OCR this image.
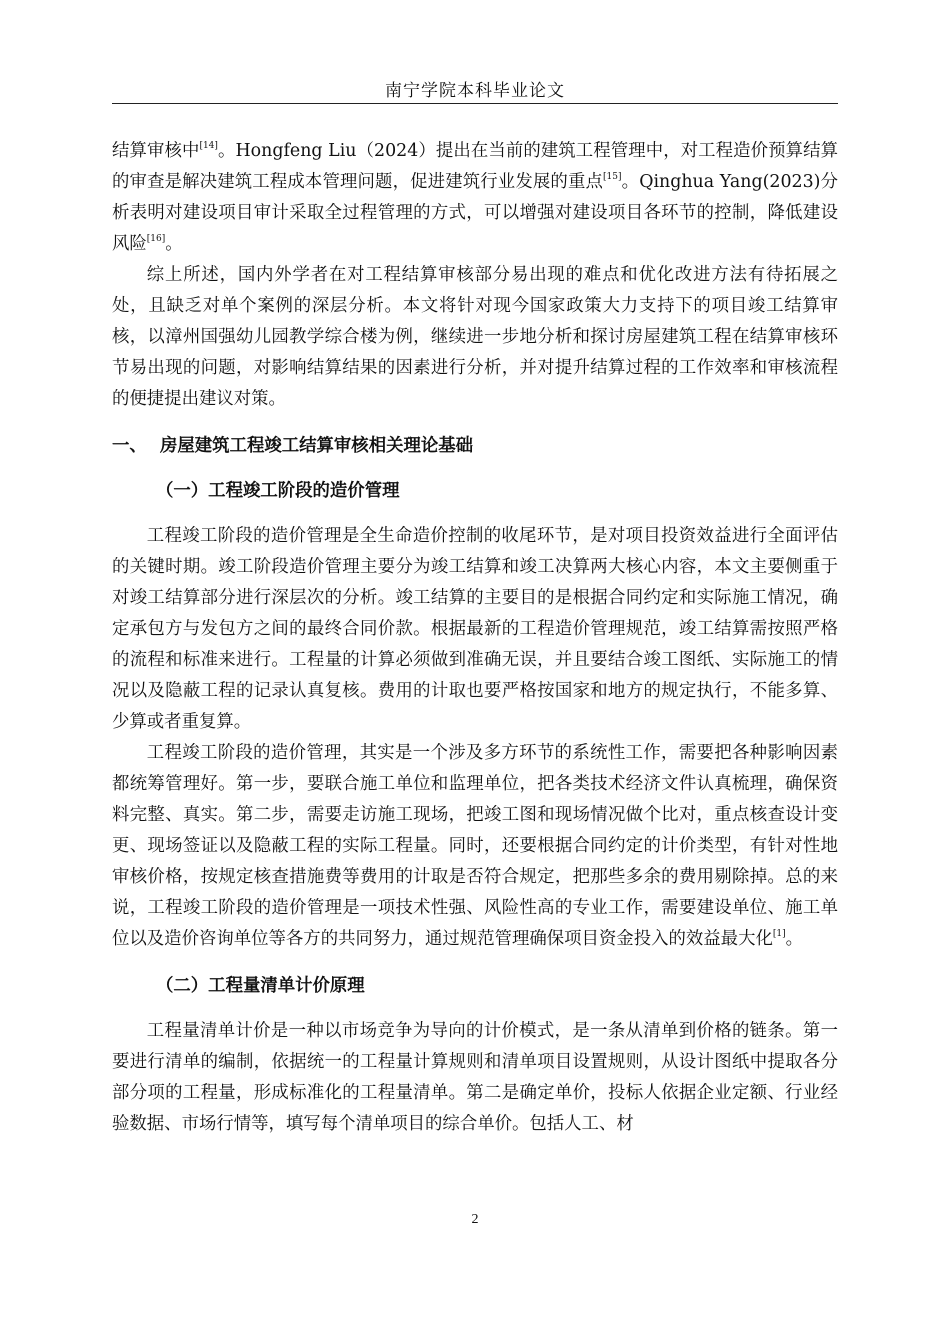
南宁学院本科毕业论文

结算审核中[14]。Hongfeng Liu（2024）提出在当前的建筑工程管理中，对工程造价预算结算的审查是解决建筑工程成本管理问题，促进建筑行业发展的重点[15]。Qinghua Yang(2023)分析表明对建设项目审计采取全过程管理的方式，可以增强对建设项目各环节的控制，降低建设风险[16]。

综上所述，国内外学者在对工程结算审核部分易出现的难点和优化改进方法有待拓展之处，且缺乏对单个案例的深层分析。本文将针对现今国家政策大力支持下的项目竣工结算审核，以漳州国强幼儿园教学综合楼为例，继续进一步地分析和探讨房屋建筑工程在结算审核环节易出现的问题，对影响结算结果的因素进行分析，并对提升结算过程的工作效率和审核流程的便捷提出建议对策。

一、 房屋建筑工程竣工结算审核相关理论基础
（一）工程竣工阶段的造价管理

工程竣工阶段的造价管理是全生命造价控制的收尾环节，是对项目投资效益进行全面评估的关键时期。竣工阶段造价管理主要分为竣工结算和竣工决算两大核心内容，本文主要侧重于对竣工结算部分进行深层次的分析。竣工结算的主要目的是根据合同约定和实际施工情况，确定承包方与发包方之间的最终合同价款。根据最新的工程造价管理规范，竣工结算需按照严格的流程和标准来进行。工程量的计算必须做到准确无误，并且要结合竣工图纸、实际施工的情况以及隐蔽工程的记录认真复核。费用的计取也要严格按国家和地方的规定执行，不能多算、少算或者重复算。

工程竣工阶段的造价管理，其实是一个涉及多方环节的系统性工作，需要把各种影响因素都统筹管理好。第一步，要联合施工单位和监理单位，把各类技术经济文件认真梳理，确保资料完整、真实。第二步，需要走访施工现场，把竣工图和现场情况做个比对，重点核查设计变更、现场签证以及隐蔽工程的实际工程量。同时，还要根据合同约定的计价类型，有针对性地审核价格，按规定核查措施费等费用的计取是否符合规定，把那些多余的费用剔除掉。总的来说，工程竣工阶段的造价管理是一项技术性强、风险性高的专业工作，需要建设单位、施工单位以及造价咨询单位等各方的共同努力，通过规范管理确保项目资金投入的效益最大化[1]。

（二）工程量清单计价原理

工程量清单计价是一种以市场竞争为导向的计价模式，是一条从清单到价格的链条。第一要进行清单的编制，依据统一的工程量计算规则和清单项目设置规则，从设计图纸中提取各分部分项的工程量，形成标准化的工程量清单。第二是确定单价，投标人依据企业定额、行业经验数据、市场行情等，填写每个清单项目的综合单价。包括人工、材

2
